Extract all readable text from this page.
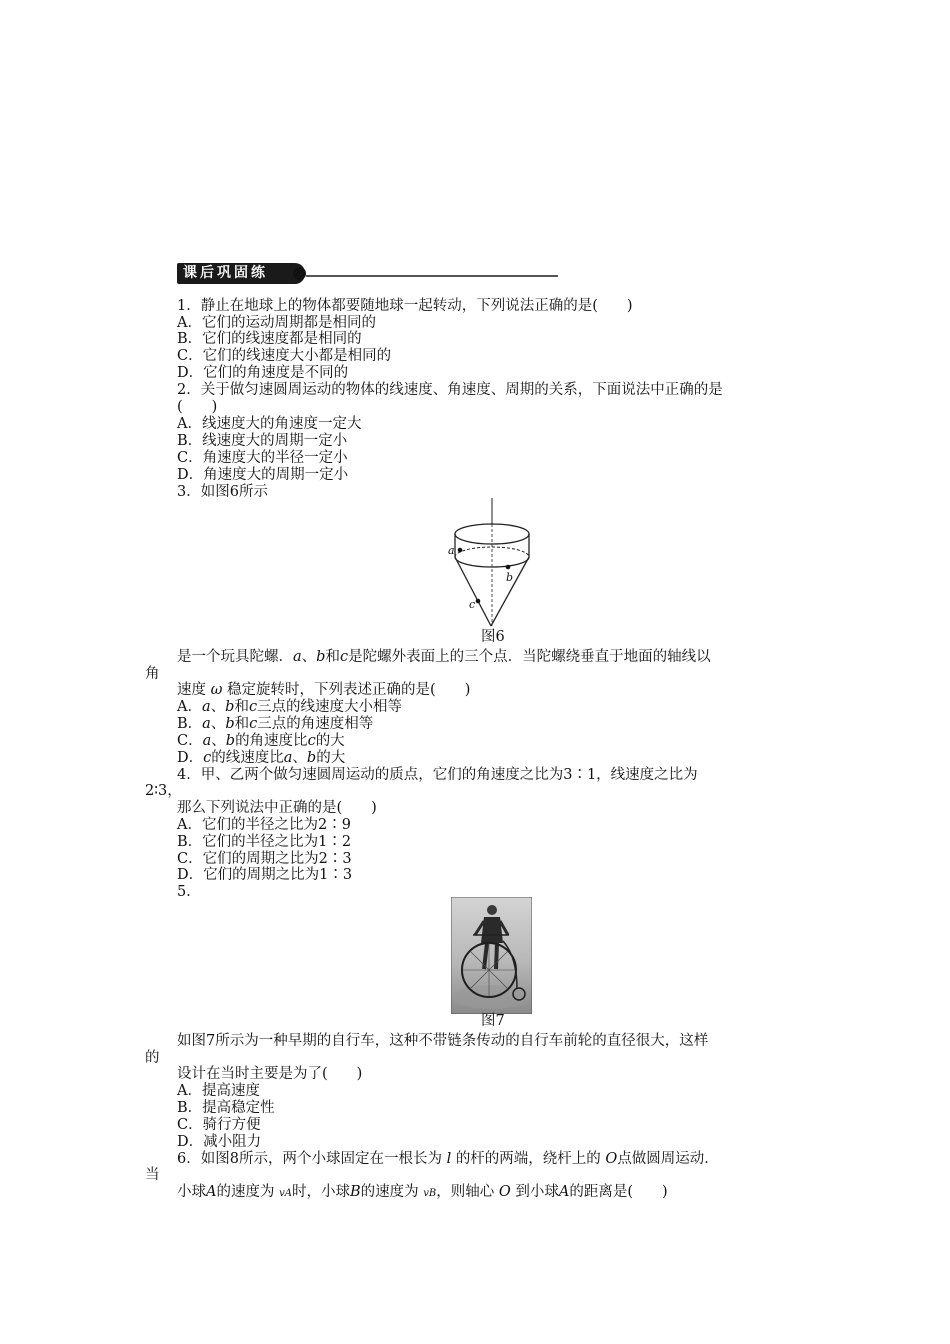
课后巩固练
1．静止在地球上的物体都要随地球一起转动，下列说法正确的是(　　)
A．它们的运动周期都是相同的
B．它们的线速度都是相同的
C．它们的线速度大小都是相同的
D．它们的角速度是不同的
2．关于做匀速圆周运动的物体的线速度、角速度、周期的关系，下面说法中正确的是
(　　)
A．线速度大的角速度一定大
B．线速度大的周期一定小
C．角速度大的半径一定小
D．角速度大的周期一定小
3．如图6所示
a
b
c
图6
是一个玩具陀螺．a、b和c是陀螺外表面上的三个点．当陀螺绕垂直于地面的轴线以
角
速度 ω 稳定旋转时，下列表述正确的是(　　)
A．a、b和c三点的线速度大小相等
B．a、b和c三点的角速度相等
C．a、b的角速度比c的大
D．c的线速度比a、b的大
4．甲、乙两个做匀速圆周运动的质点，它们的角速度之比为3∶1，线速度之比为
2∶3，
那么下列说法中正确的是(　　)
A．它们的半径之比为2∶9
B．它们的半径之比为1∶2
C．它们的周期之比为2∶3
D．它们的周期之比为1∶3
5．
图7
如图7所示为一种早期的自行车，这种不带链条传动的自行车前轮的直径很大，这样
的
设计在当时主要是为了(　　)
A．提高速度
B．提高稳定性
C．骑行方便
D．减小阻力
6．如图8所示，两个小球固定在一根长为 l 的杆的两端，绕杆上的 O点做圆周运动．
当
小球A的速度为 vA时，小球B的速度为 vB，则轴心 O 到小球A的距离是(　　)
